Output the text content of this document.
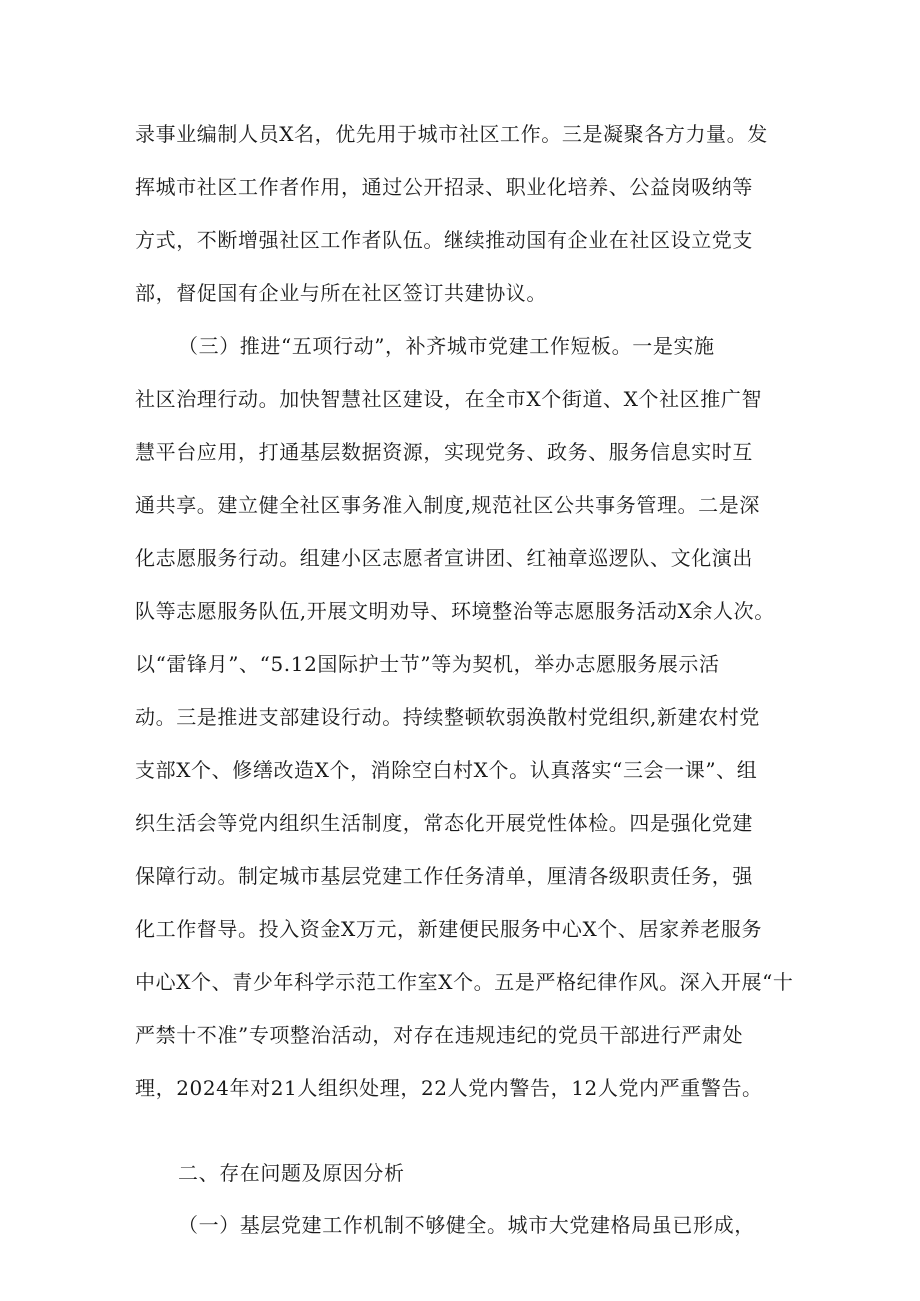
录事业编制人员X名，优先用于城市社区工作。三是凝聚各方力量。发
挥城市社区工作者作用，通过公开招录、职业化培养、公益岗吸纳等
方式，不断增强社区工作者队伍。继续推动国有企业在社区设立党支
部，督促国有企业与所在社区签订共建协议。
（三）推进“五项行动”，补齐城市党建工作短板。一是实施
社区治理行动。加快智慧社区建设，在全市X个街道、X个社区推广智
慧平台应用，打通基层数据资源，实现党务、政务、服务信息实时互
通共享。建立健全社区事务准入制度,规范社区公共事务管理。二是深
化志愿服务行动。组建小区志愿者宣讲团、红袖章巡逻队、文化演出
队等志愿服务队伍,开展文明劝导、环境整治等志愿服务活动X余人次。
以“雷锋月”、“5.12国际护士节”等为契机，举办志愿服务展示活
动。三是推进支部建设行动。持续整顿软弱涣散村党组织,新建农村党
支部X个、修缮改造X个，消除空白村X个。认真落实“三会一课”、组
织生活会等党内组织生活制度，常态化开展党性体检。四是强化党建
保障行动。制定城市基层党建工作任务清单，厘清各级职责任务，强
化工作督导。投入资金X万元，新建便民服务中心X个、居家养老服务
中心X个、青少年科学示范工作室X个。五是严格纪律作风。深入开展“十
严禁十不准”专项整治活动，对存在违规违纪的党员干部进行严肃处
理，2024年对21人组织处理，22人党内警告，12人党内严重警告。
二、存在问题及原因分析
（一）基层党建工作机制不够健全。城市大党建格局虽已形成，
